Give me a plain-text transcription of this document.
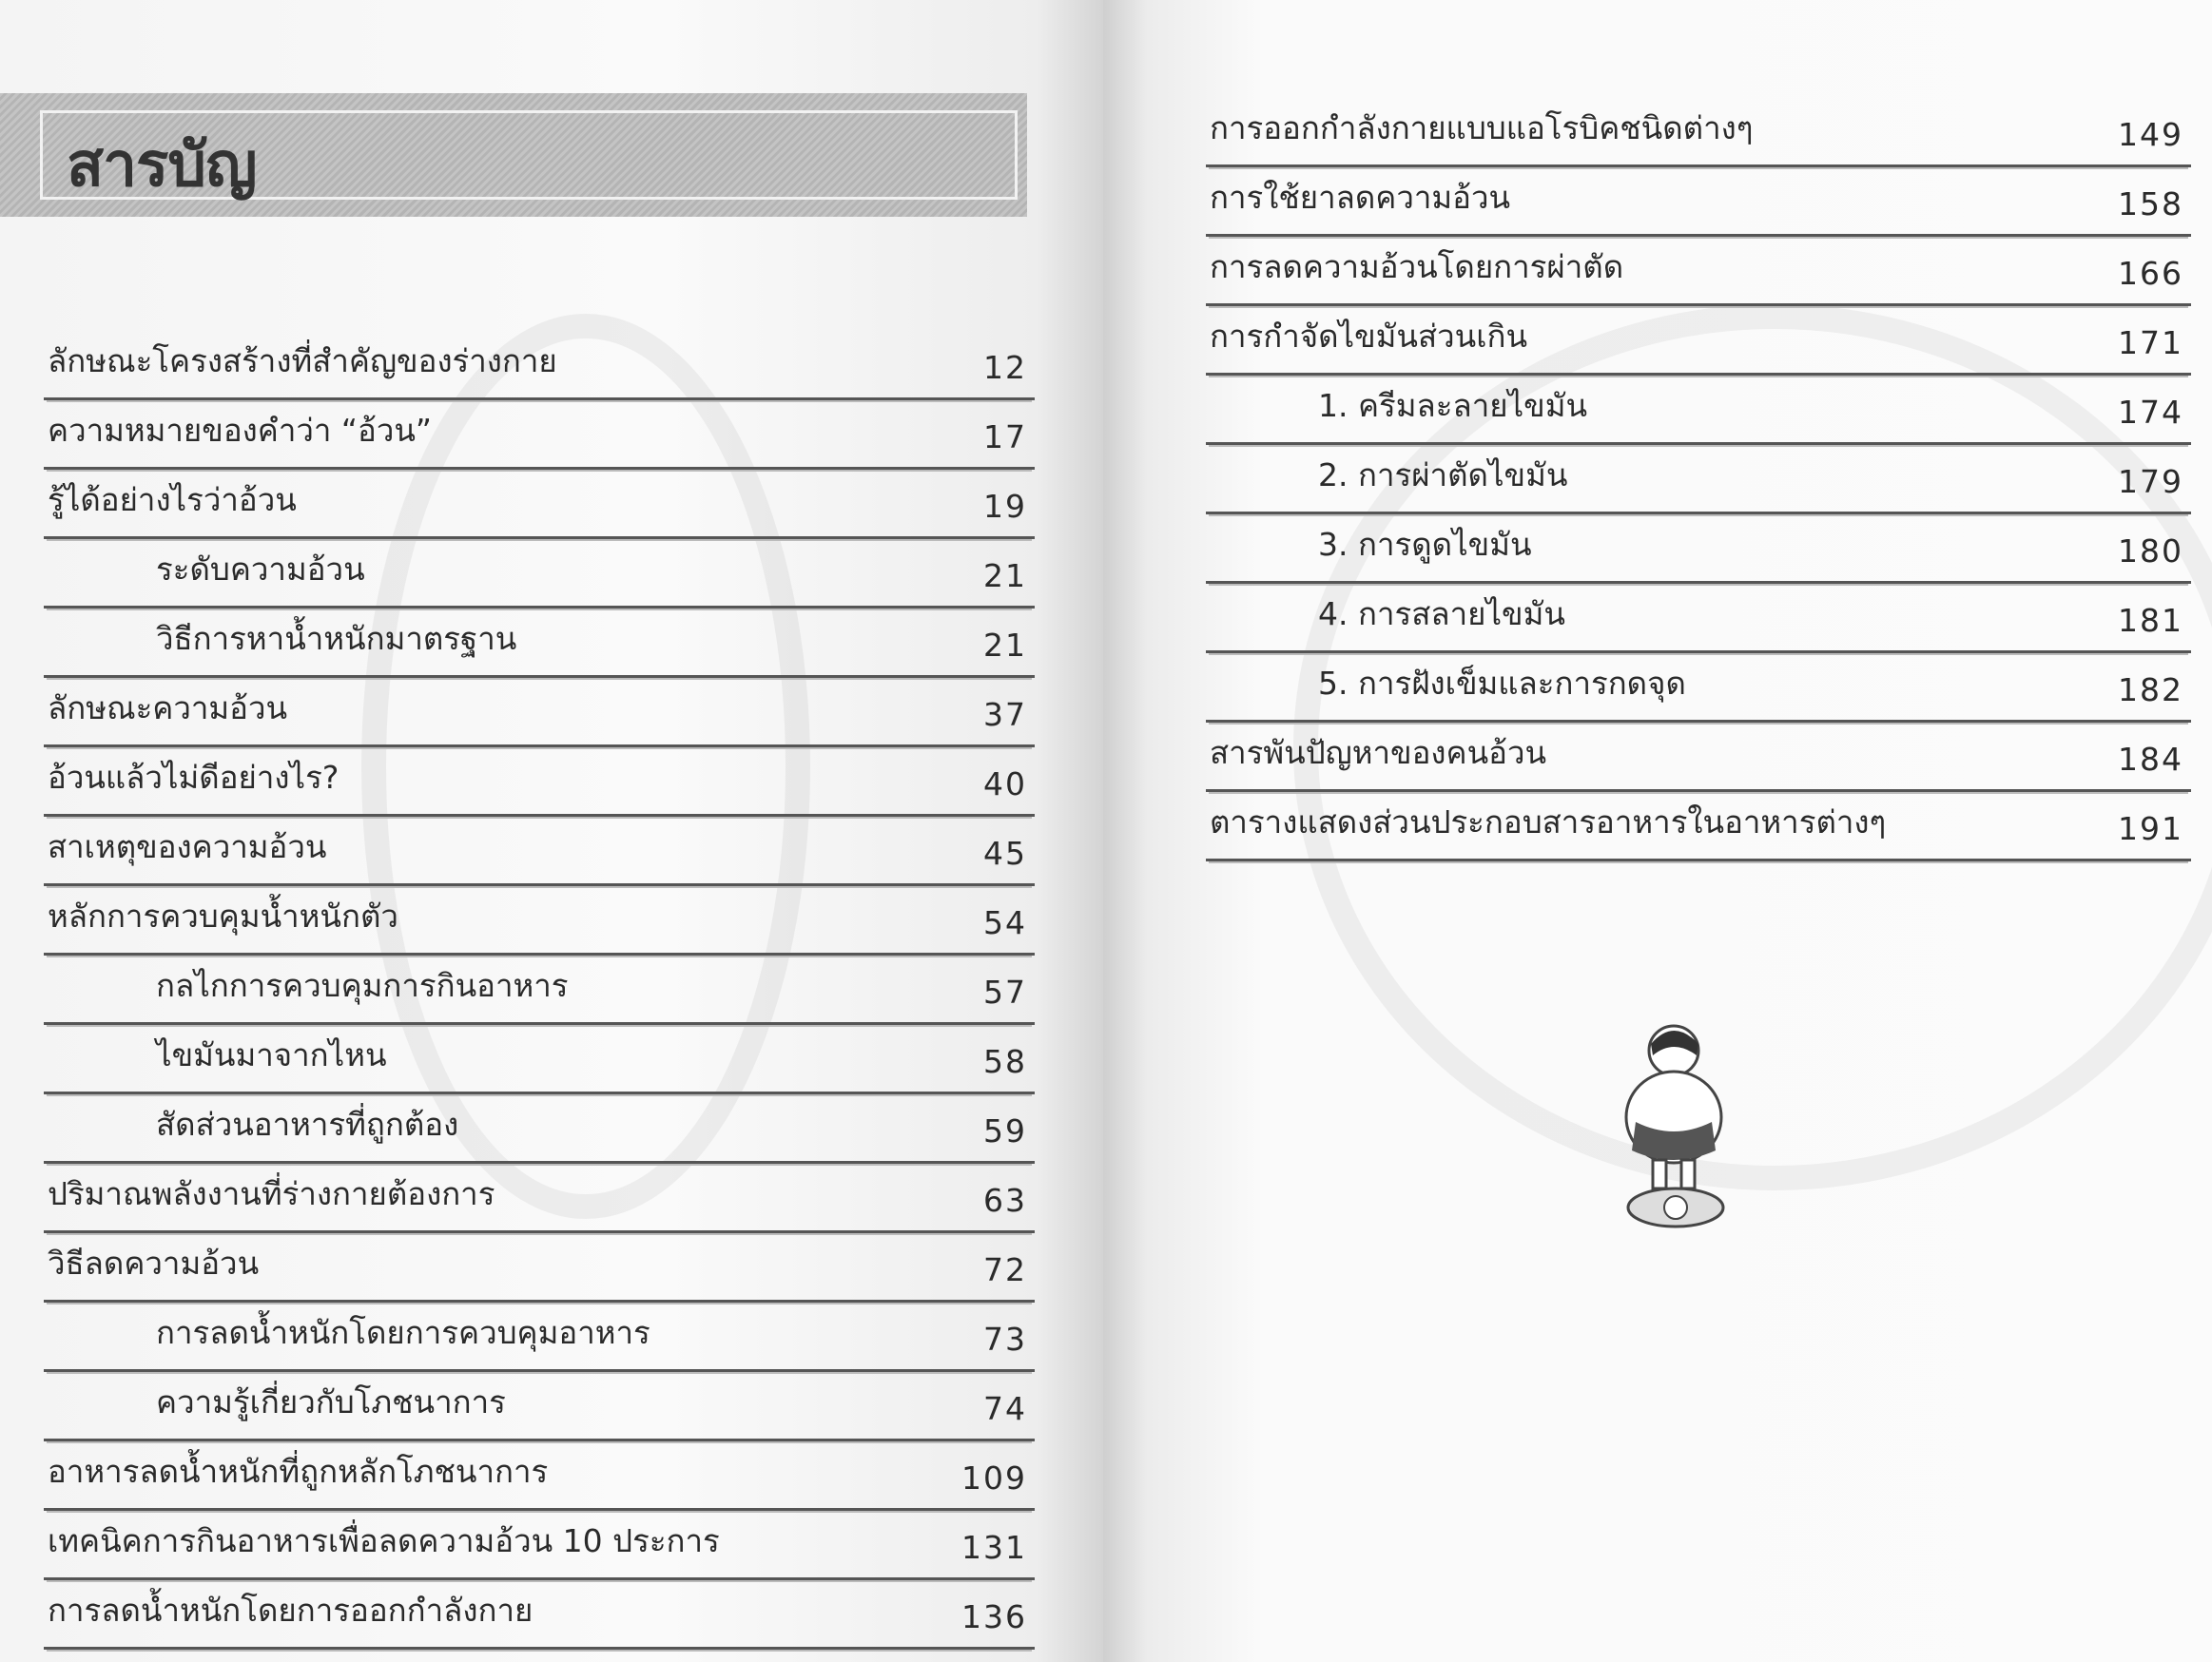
สารบัญ
ลักษณะโครงสร้างที่สำคัญของร่างกาย	12
ความหมายของคำว่า “อ้วน”	17
รู้ได้อย่างไรว่าอ้วน	19
ระดับความอ้วน	21
วิธีการหาน้ำหนักมาตรฐาน	21
ลักษณะความอ้วน	37
อ้วนแล้วไม่ดีอย่างไร?	40
สาเหตุของความอ้วน	45
หลักการควบคุมน้ำหนักตัว	54
กลไกการควบคุมการกินอาหาร	57
ไขมันมาจากไหน	58
สัดส่วนอาหารที่ถูกต้อง	59
ปริมาณพลังงานที่ร่างกายต้องการ	63
วิธีลดความอ้วน	72
การลดน้ำหนักโดยการควบคุมอาหาร	73
ความรู้เกี่ยวกับโภชนาการ	74
อาหารลดน้ำหนักที่ถูกหลักโภชนาการ	109
เทคนิคการกินอาหารเพื่อลดความอ้วน 10 ประการ	131
การลดน้ำหนักโดยการออกกำลังกาย	136
การออกกำลังกายแบบแอโรบิคชนิดต่างๆ	149
การใช้ยาลดความอ้วน	158
การลดความอ้วนโดยการผ่าตัด	166
การกำจัดไขมันส่วนเกิน	171
1. ครีมละลายไขมัน	174
2. การผ่าตัดไขมัน	179
3. การดูดไขมัน	180
4. การสลายไขมัน	181
5. การฝังเข็มและการกดจุด	182
สารพันปัญหาของคนอ้วน	184
ตารางแสดงส่วนประกอบสารอาหารในอาหารต่างๆ	191
